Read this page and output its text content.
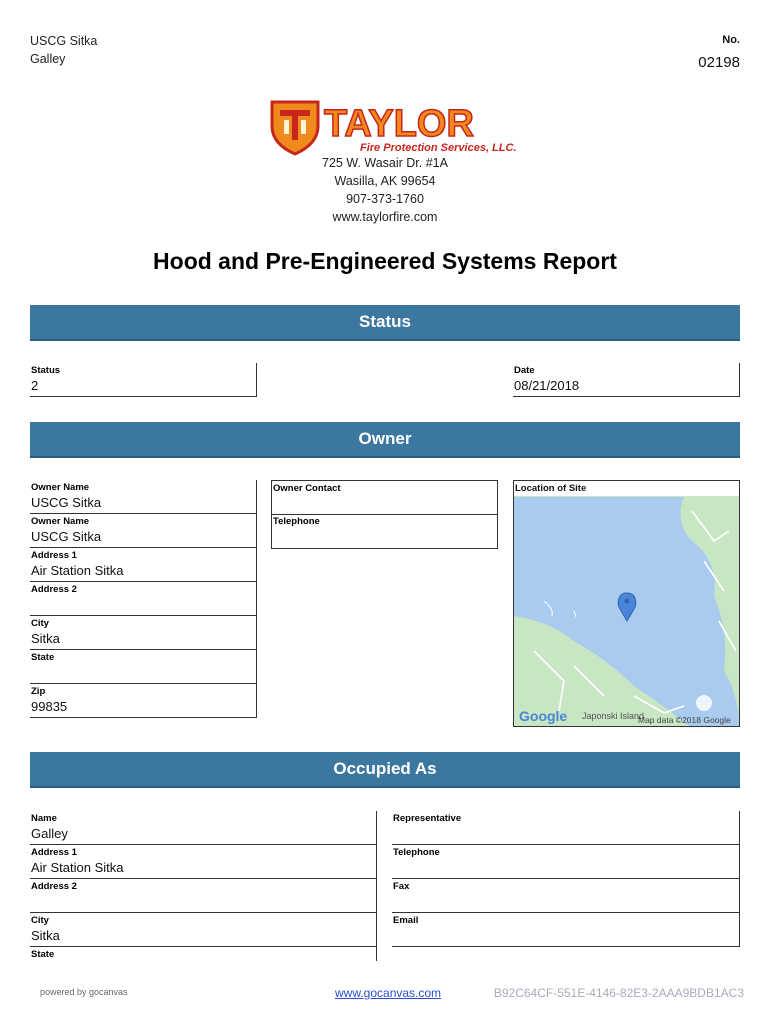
USCG Sitka
Galley
No.
02198
TAYLOR
Fire Protection Services, LLC.
725 W. Wasair Dr. #1A
Wasilla, AK 99654
907-373-1760
www.taylorfire.com
Hood and Pre-Engineered Systems Report
Status
Status
2
Date
08/21/2018
Owner
Owner Name
USCG Sitka
Owner Name
USCG Sitka
Address 1
Air Station Sitka
Address 2
City
Sitka
State
Zip
99835
Owner Contact
Telephone
Location of Site
Google Japonski Island
Map data ©2018 Google
Occupied As
Name
Galley
Address 1
Air Station Sitka
Address 2
City
Sitka
State
Representative
Telephone
Fax
Email
powered by gocanvas	www.gocanvas.com	B92C64CF-551E-4146-82E3-2AAA9BDB1AC3
